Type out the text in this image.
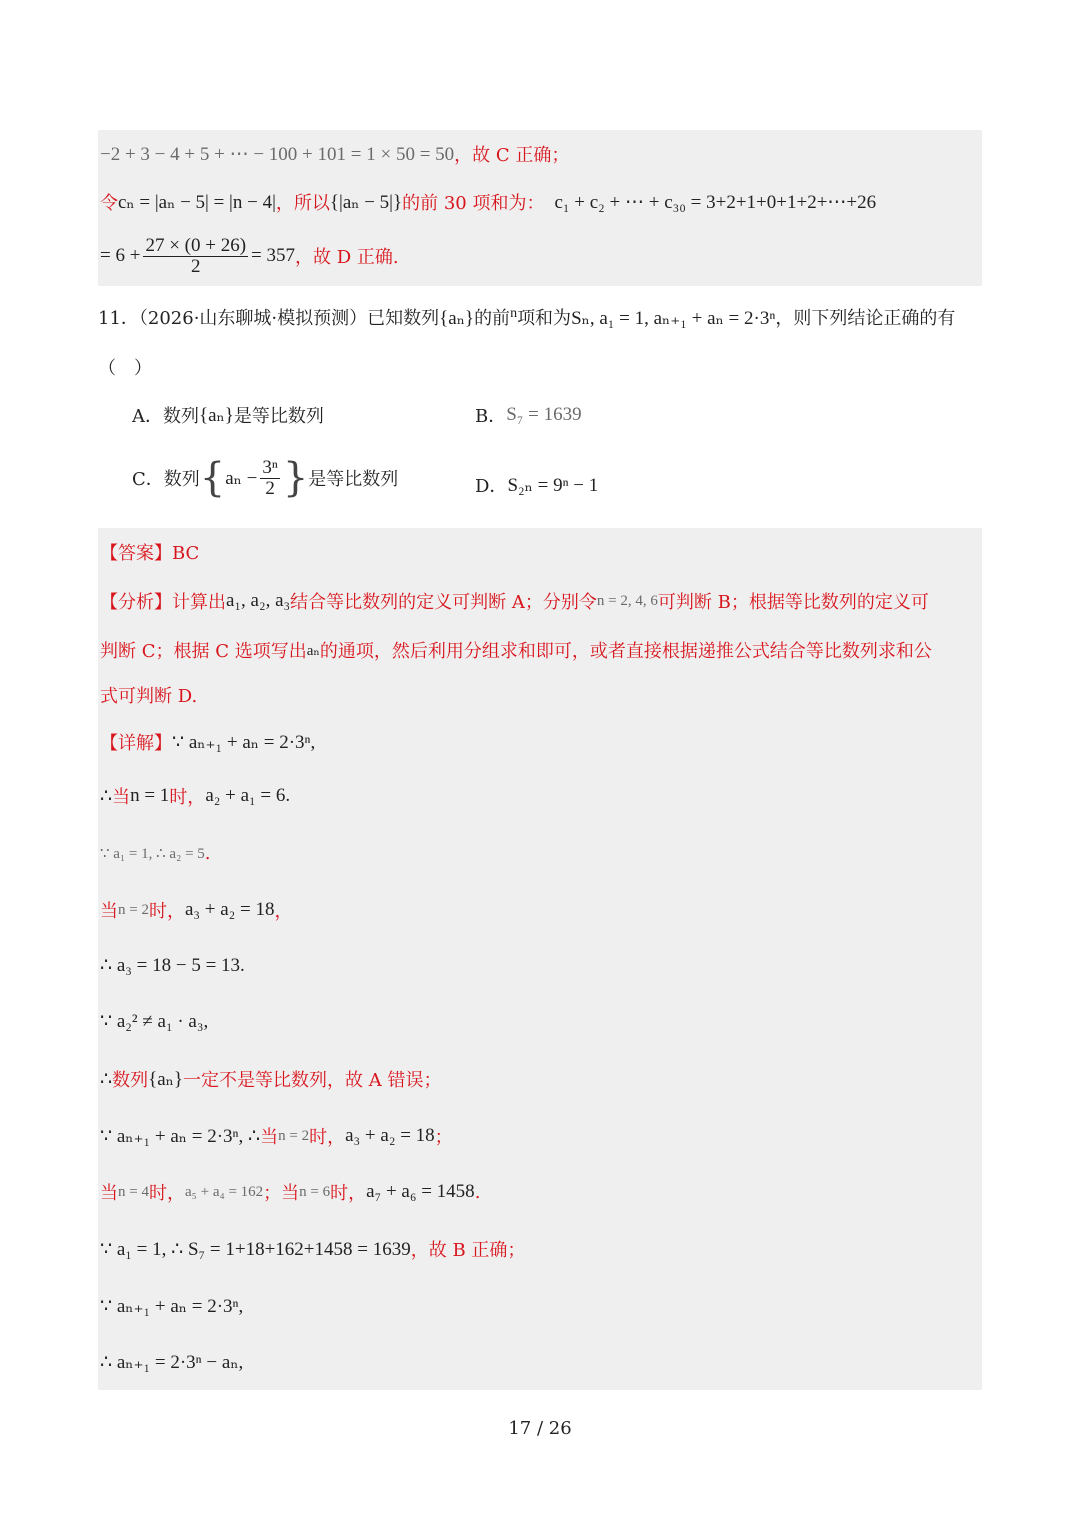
−2 + 3 − 4 + 5 + ⋯ − 100 + 101 = 1 × 50 = 50 ，故 C 正确；
令 cₙ = |aₙ − 5| = |n − 4| ，所以 {|aₙ − 5|} 的前 30 项和为： c₁ + c₂ + ⋯ + c₃₀ = 3+2+1+0+1+2+⋯+26
= $6 + \frac{27 \times (0 + 26)}{2} = 357$ ，故 D 正确.
11．（2026·山东聊城·模拟预测）已知数列{aₙ}的前$^n$项和为Sₙ, a₁ = 1, aₙ₊₁ + aₙ = 2·3ⁿ，则下列结论正确的有
（　）
A．数列 {aₙ} 是等比数列	B． S₇ = 1639
C．数列 { $a_n - \frac{\text{3ⁿ}}{2}$ } 是等比数列	D． S₂ₙ = 9ⁿ − 1
【答案】BC
【分析】计算出 a₁, a₂, a₃ 结合等比数列的定义可判断 A；分别令 n = 2, 4, 6 可判断 B；根据等比数列的定义可
判断 C；根据 C 选项写出 aₙ 的通项，然后利用分组求和即可，或者直接根据递推公式结合等比数列求和公
式可判断 D.
【详解】 ∵ aₙ₊₁ + aₙ = 2·3ⁿ,
∴ 当 n = 1 时， a₂ + a₁ = 6.
∵ a₁ = 1, ∴ a₂ = 5 .
当 n = 2 时， a₃ + a₂ = 18 ，
∴ a₃ = 18 − 5 = 13.
∵ a₂² ≠ a₁ · a₃,
∴ 数列 {aₙ} 一定不是等比数列，故 A 错误；
∵ aₙ₊₁ + aₙ = 2·3ⁿ, ∴ 当 n = 2 时， a₃ + a₂ = 18 ；
当 n = 4 时， a₅ + a₄ = 162 ；当 n = 6 时， a₇ + a₆ = 1458 .
∵ a₁ = 1, ∴ S₇ = 1+18+162+1458 = 1639 ，故 B 正确；
∵ aₙ₊₁ + aₙ = 2·3ⁿ,
∴ aₙ₊₁ = 2·3ⁿ − aₙ,
17 / 26
